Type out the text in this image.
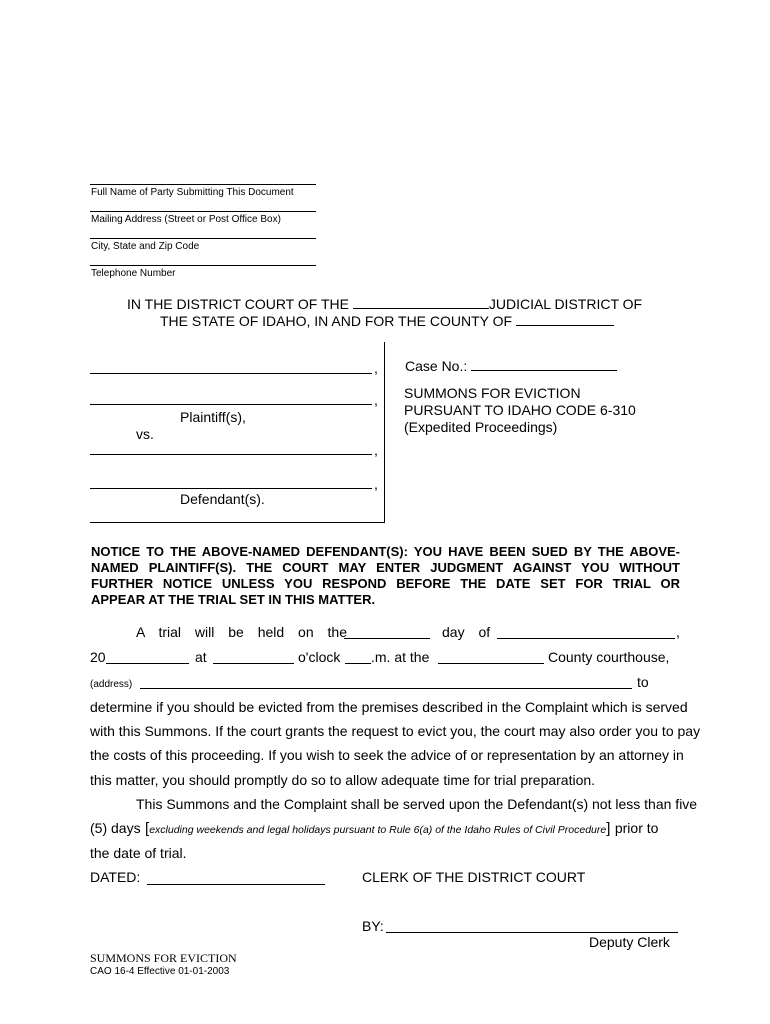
Full Name of Party Submitting This Document
Mailing Address (Street or Post Office Box)
City, State and Zip Code
Telephone Number
IN THE DISTRICT COURT OF THE	JUDICIAL DISTRICT OF
THE STATE OF IDAHO, IN AND FOR THE COUNTY OF
,
,
Plaintiff(s),
vs.
,
,
Defendant(s).
Case No.:
SUMMONS FOR EVICTION
PURSUANT TO IDAHO CODE 6-310
(Expedited Proceedings)
NOTICE TO THE ABOVE-NAMED DEFENDANT(S): YOU HAVE BEEN SUED BY THE ABOVE-
NAMED PLAINTIFF(S). THE COURT MAY ENTER JUDGMENT AGAINST YOU WITHOUT
FURTHER NOTICE UNLESS YOU RESPOND BEFORE THE DATE SET FOR TRIAL OR
APPEAR AT THE TRIAL SET IN THIS MATTER.
A trial will be held on the	day of	,
20	at	o'clock .m. at the	County courthouse,
(address)	to
determine if you should be evicted from the premises described in the Complaint which is served
with this Summons. If the court grants the request to evict you, the court may also order you to pay
the costs of this proceeding. If you wish to seek the advice of or representation by an attorney in
this matter, you should promptly do so to allow adequate time for trial preparation.
This Summons and the Complaint shall be served upon the Defendant(s) not less than five
(5) days [excluding weekends and legal holidays pursuant to Rule 6(a) of the Idaho Rules of Civil Procedure] prior to
the date of trial.
DATED:	CLERK OF THE DISTRICT COURT
BY:
Deputy Clerk
SUMMONS FOR EVICTION
CAO 16-4 Effective 01-01-2003
